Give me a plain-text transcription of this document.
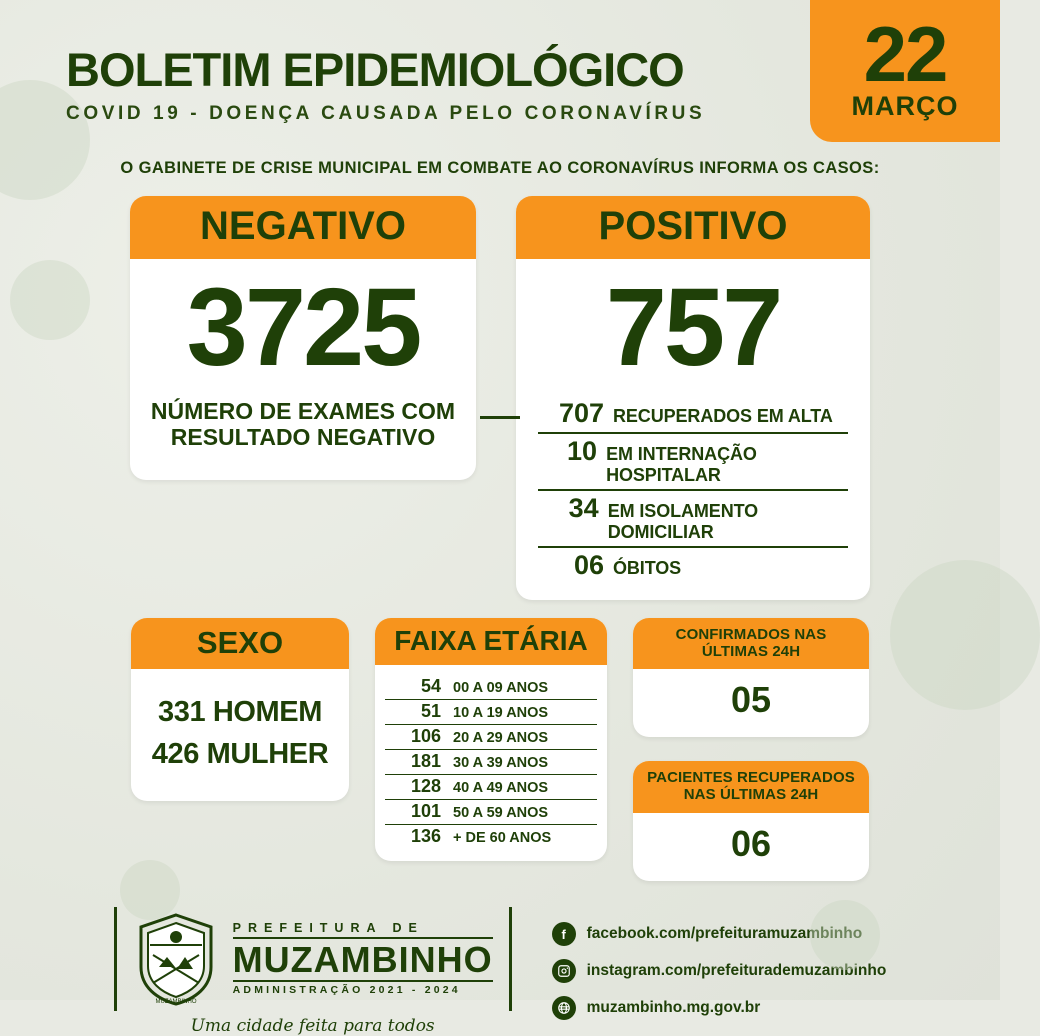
22
MARÇO
BOLETIM EPIDEMIOLÓGICO
COVID 19 - DOENÇA CAUSADA PELO CORONAVÍRUS
O GABINETE DE CRISE MUNICIPAL EM COMBATE AO CORONAVÍRUS INFORMA OS CASOS:
NEGATIVO
3725
NÚMERO DE EXAMES COM
RESULTADO NEGATIVO
POSITIVO
757
707 RECUPERADOS EM ALTA
10 EM INTERNAÇÃO HOSPITALAR
34 EM ISOLAMENTO DOMICILIAR
06 ÓBITOS
SEXO
331 HOMEM
426 MULHER
FAIXA ETÁRIA
54 00 A 09 ANOS
51 10 A 19 ANOS
106 20 A 29 ANOS
181 30 A 39 ANOS
128 40 A 49 ANOS
101 50 A 59 ANOS
136 + DE 60 ANOS
CONFIRMADOS NAS
ÚLTIMAS 24H
05
PACIENTES RECUPERADOS
NAS ÚLTIMAS 24H
06
MUZAMBINHO
PREFEITURA DE
MUZAMBINHO
ADMINISTRAÇÃO 2021 - 2024
Uma cidade feita para todos
f	facebook.com/prefeituramuzambinho
instagram.com/prefeiturademuzambinho
muzambinho.mg.gov.br
